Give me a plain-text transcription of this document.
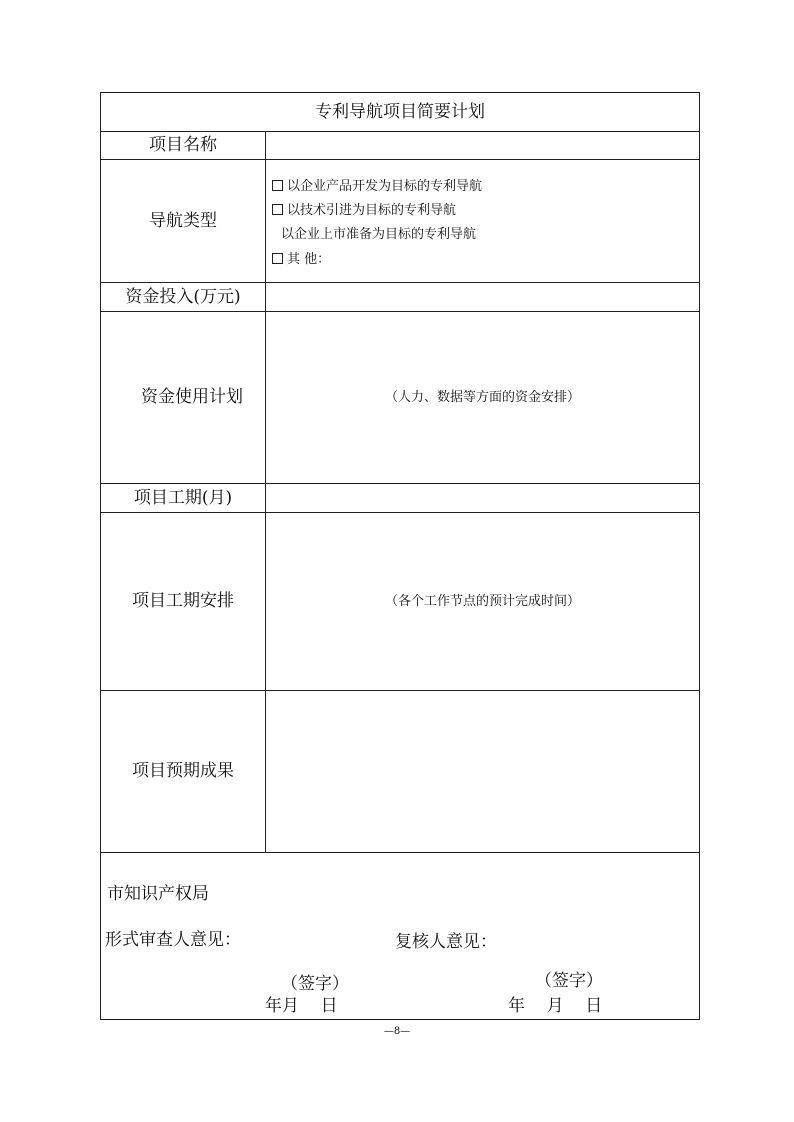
专利导航项目简要计划
项目名称
导航类型
以企业产品开发为目标的专利导航
以技术引进为目标的专利导航
以企业上市准备为目标的专利导航
其 他：
资金投入(万元)
资金使用计划	（人力、数据等方面的资金安排）
项目工期(月)
项目工期安排	（各个工作节点的预计完成时间）
项目预期成果
市知识产权局
形式审查人意见：	复核人意见：
（签字）	（签字）
年月    日	年    月    日
—8—
